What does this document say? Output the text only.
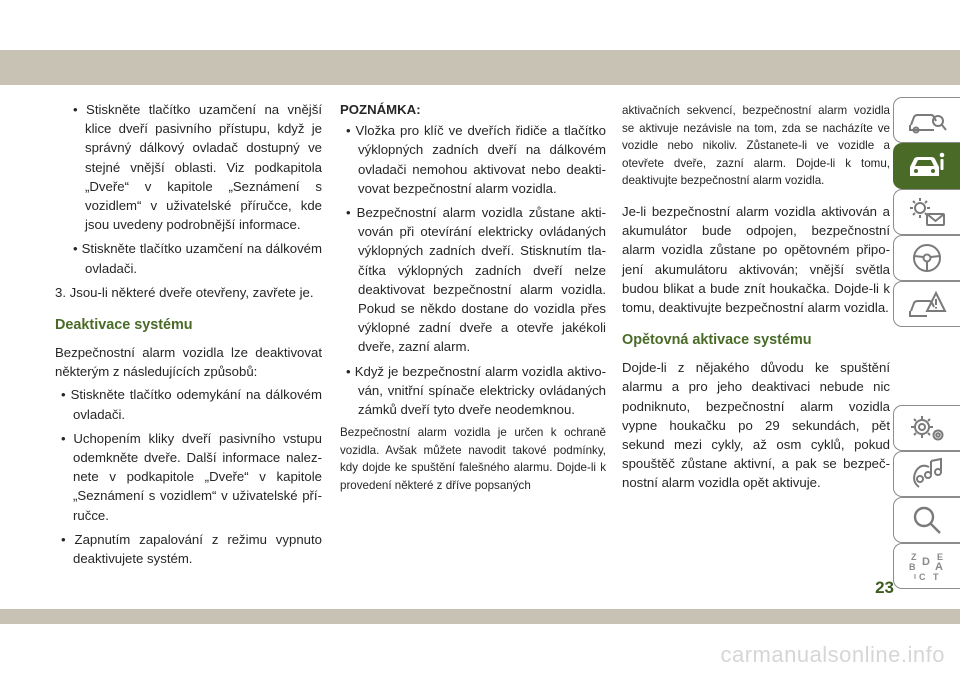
• Stiskněte tlačítko uzamčení na vnější klice dveří pasivního přístupu, když je správný dálkový ovladač dostupný ve stejné vnější oblasti. Viz podkapitola „Dveře“ v kapitole „Seznámení s vozidlem“ v uživatelské příručce, kde jsou uvedeny podrobnější informace.
• Stiskněte tlačítko uzamčení na dálkovém ovladači.
3. Jsou-li některé dveře otevřeny, zavřete je.
Deaktivace systému

Bezpečnostní alarm vozidla lze deaktivovat některým z následujících způsobů:

• Stiskněte tlačítko odemykání na dálkovém ovladači.
• Uchopením kliky dveří pasivního vstupu odemkněte dveře. Další informace naleznete v podkapitole „Dveře“ v kapitole „Seznámení s vozidlem“ v uživatelské příručce.
• Zapnutím zapalování z režimu vypnuto deaktivujete systém.
POZNÁMKA:
• Vložka pro klíč ve dveřích řidiče a tlačítko výklopných zadních dveří na dálkovém ovladači nemohou aktivovat nebo deaktivovat bezpečnostní alarm vozidla.
• Bezpečnostní alarm vozidla zůstane aktivován při otevírání elektricky ovládaných výklopných zadních dveří. Stisknutím tlačítka výklopných zadních dveří nelze deaktivovat bezpečnostní alarm vozidla. Pokud se někdo dostane do vozidla přes výklopné zadní dveře a otevře jakékoli dveře, zazní alarm.
• Když je bezpečnostní alarm vozidla aktivován, vnitřní spínače elektricky ovládaných zámků dveří tyto dveře neodemknou.

Bezpečnostní alarm vozidla je určen k ochraně vozidla. Avšak můžete navodit takové podmínky, kdy dojde ke spuštění falešného alarmu. Dojde-li k provedení některé z dříve popsaných

aktivačních sekvencí, bezpečnostní alarm vozidla se aktivuje nezávisle na tom, zda se nacházíte ve vozidle nebo nikoliv. Zůstanete-li ve vozidle a otevřete dveře, zazní alarm. Dojde-li k tomu, deaktivujte bezpečnostní alarm vozidla.

Je-li bezpečnostní alarm vozidla aktivován a akumulátor bude odpojen, bezpečnostní alarm vozidla zůstane po opětovném připojení akumulátoru aktivován; vnější světla budou blikat a bude znít houkačka. Dojde-li k tomu, deaktivujte bezpečnostní alarm vozidla.

Opětovná aktivace systému

Dojde-li z nějakého důvodu ke spuštění alarmu a pro jeho deaktivaci nebude nic podniknuto, bezpečnostní alarm vozidla vypne houkačku po 29 sekundách, pět sekund mezi cykly, až osm cyklů, pokud spouštěč zůstane aktivní, a pak se bezpečnostní alarm vozidla opět aktivuje.

Z E
B A
D
C T
I
23
carmanualsonline.info
